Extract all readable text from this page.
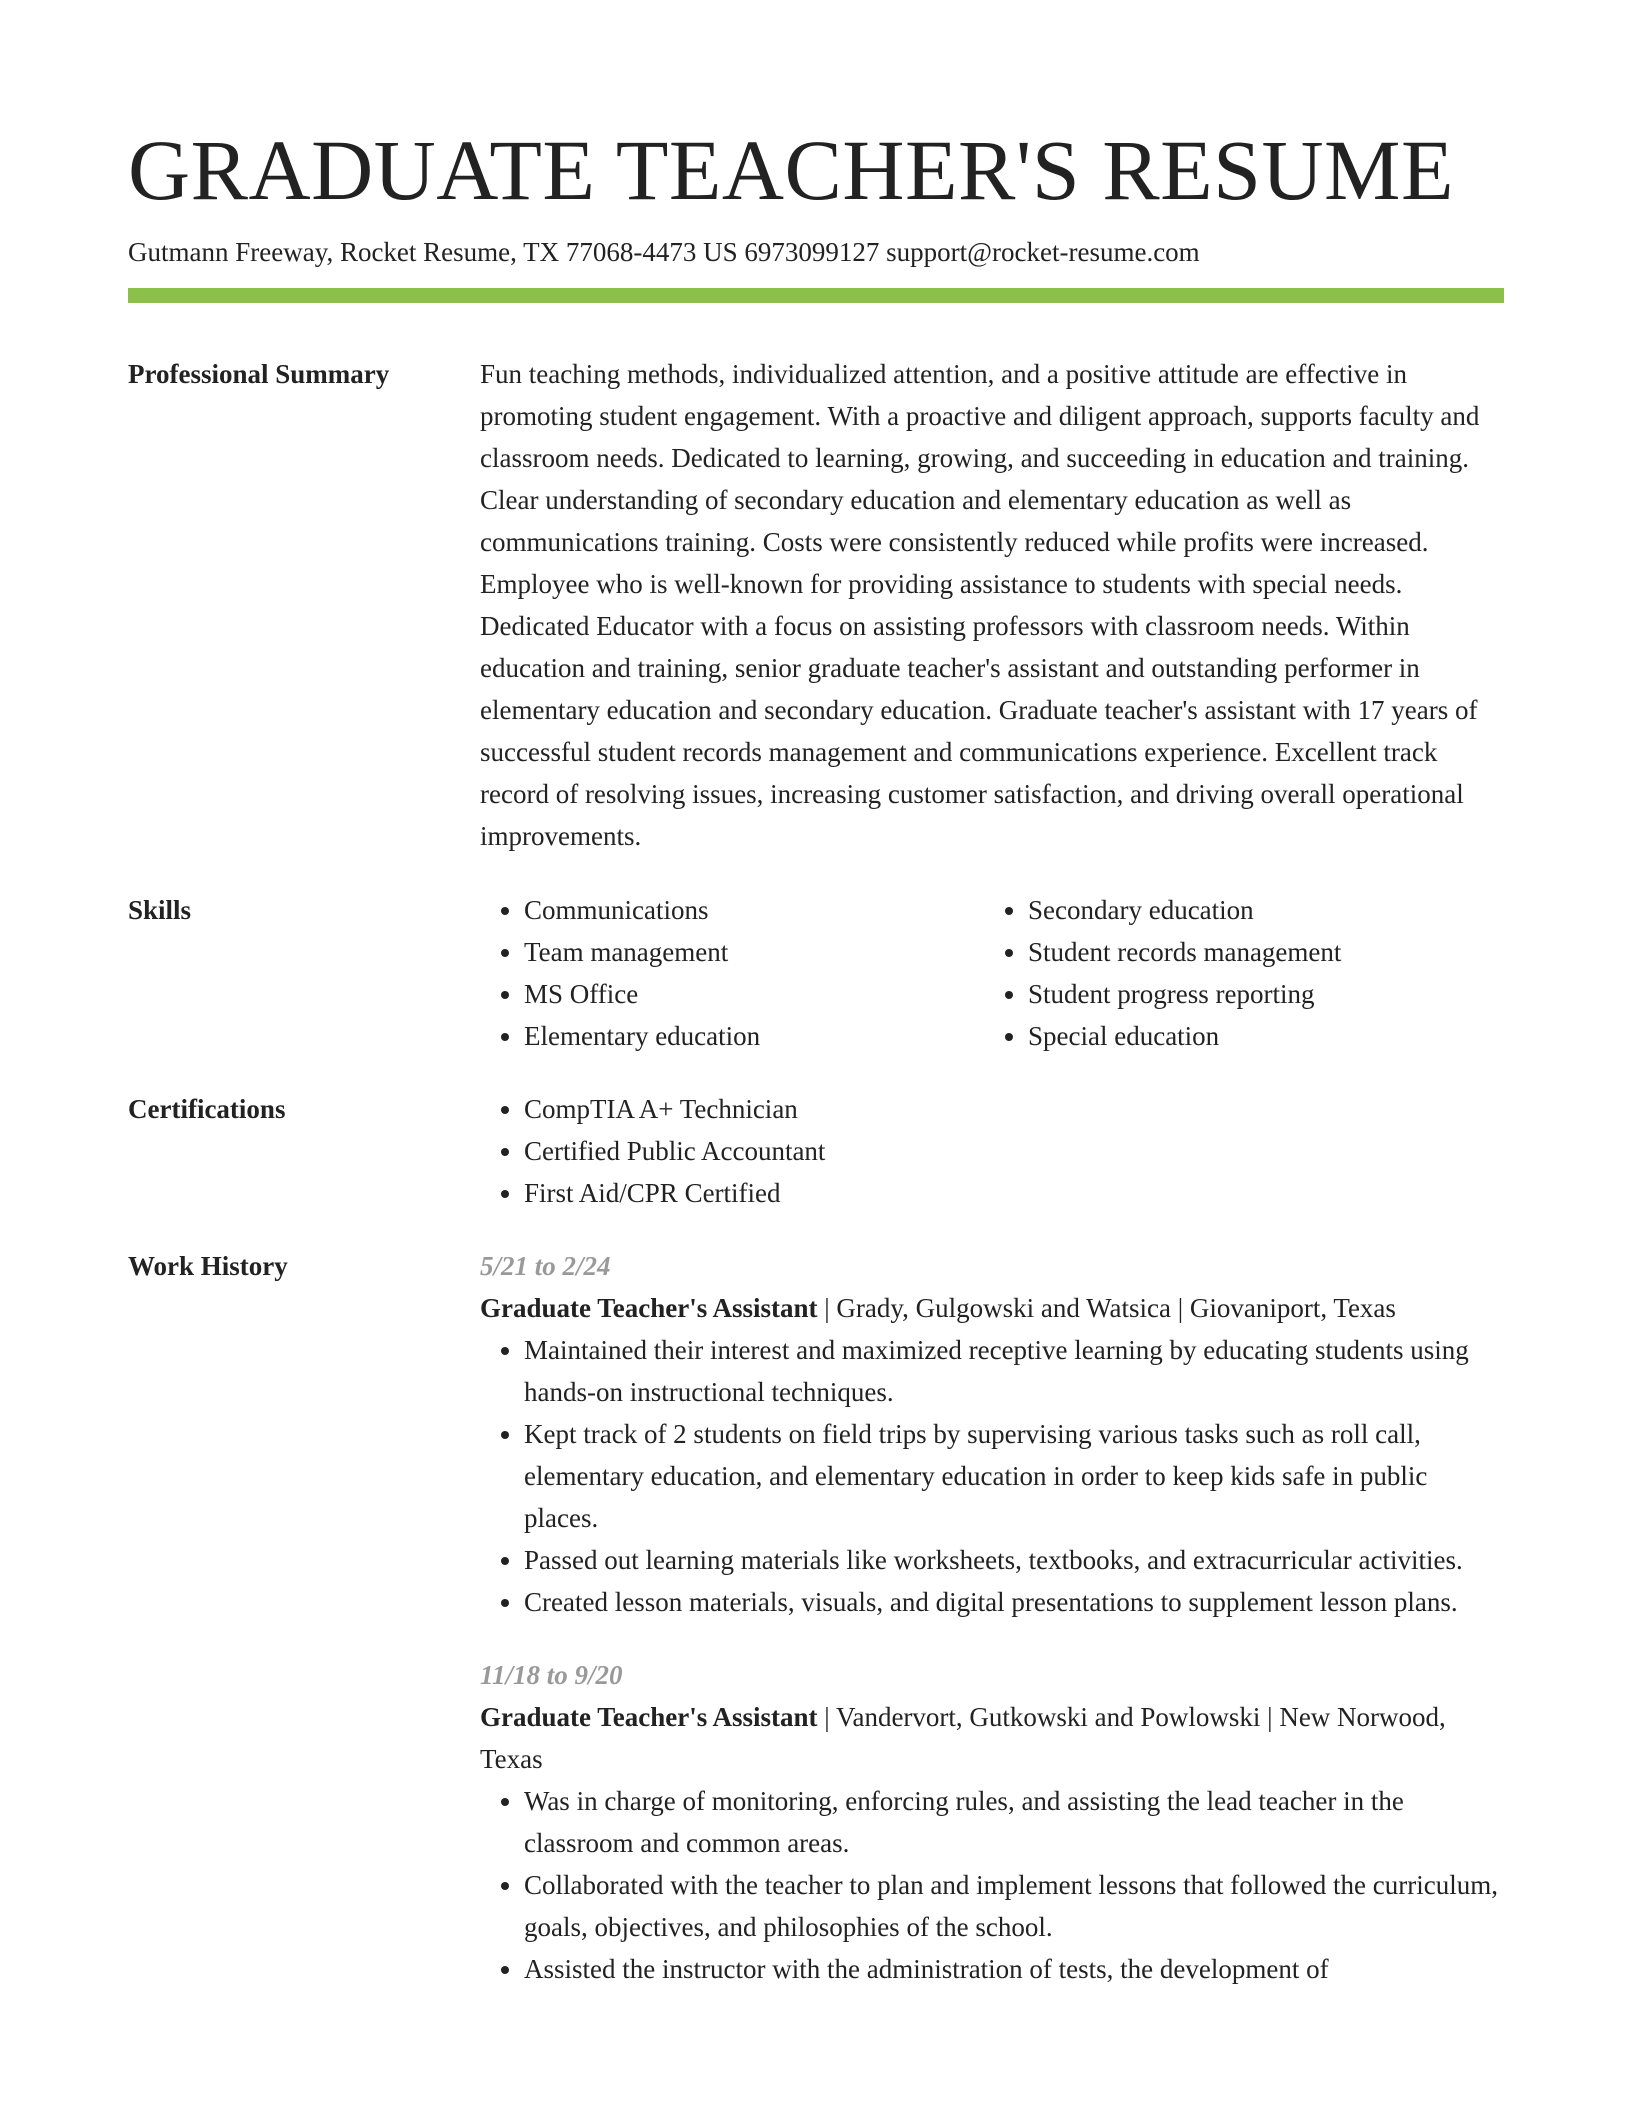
GRADUATE TEACHER'S RESUME
Gutmann Freeway, Rocket Resume, TX 77068-4473 US 6973099127 support@rocket-resume.com
Professional Summary	Fun teaching methods, individualized attention, and a positive attitude are effective in promoting student engagement. With a proactive and diligent approach, supports faculty and classroom needs. Dedicated to learning, growing, and succeeding in education and training. Clear understanding of secondary education and elementary education as well as communications training. Costs were consistently reduced while profits were increased. Employee who is well-known for providing assistance to students with special needs. Dedicated Educator with a focus on assisting professors with classroom needs. Within education and training, senior graduate teacher's assistant and outstanding performer in elementary education and secondary education. Graduate teacher's assistant with 17 years of successful student records management and communications experience. Excellent track record of resolving issues, increasing customer satisfaction, and driving overall operational improvements.

Skills	• Communications
• Team management
• MS Office
• Elementary education
• Secondary education
• Student records management
• Student progress reporting
• Special education
Certifications	• CompTIA A+ Technician
• Certified Public Accountant
• First Aid/CPR Certified
Work History	5/21 to 2/24

Graduate Teacher's Assistant | Grady, Gulgowski and Watsica | Giovaniport, Texas

• Maintained their interest and maximized receptive learning by educating students using hands-on instructional techniques.
• Kept track of 2 students on field trips by supervising various tasks such as roll call, elementary education, and elementary education in order to keep kids safe in public places.
• Passed out learning materials like worksheets, textbooks, and extracurricular activities.
• Created lesson materials, visuals, and digital presentations to supplement lesson plans.
11/18 to 9/20

Graduate Teacher's Assistant | Vandervort, Gutkowski and Powlowski | New Norwood, Texas

• Was in charge of monitoring, enforcing rules, and assisting the lead teacher in the classroom and common areas.
• Collaborated with the teacher to plan and implement lessons that followed the curriculum, goals, objectives, and philosophies of the school.
• Assisted the instructor with the administration of tests, the development of
